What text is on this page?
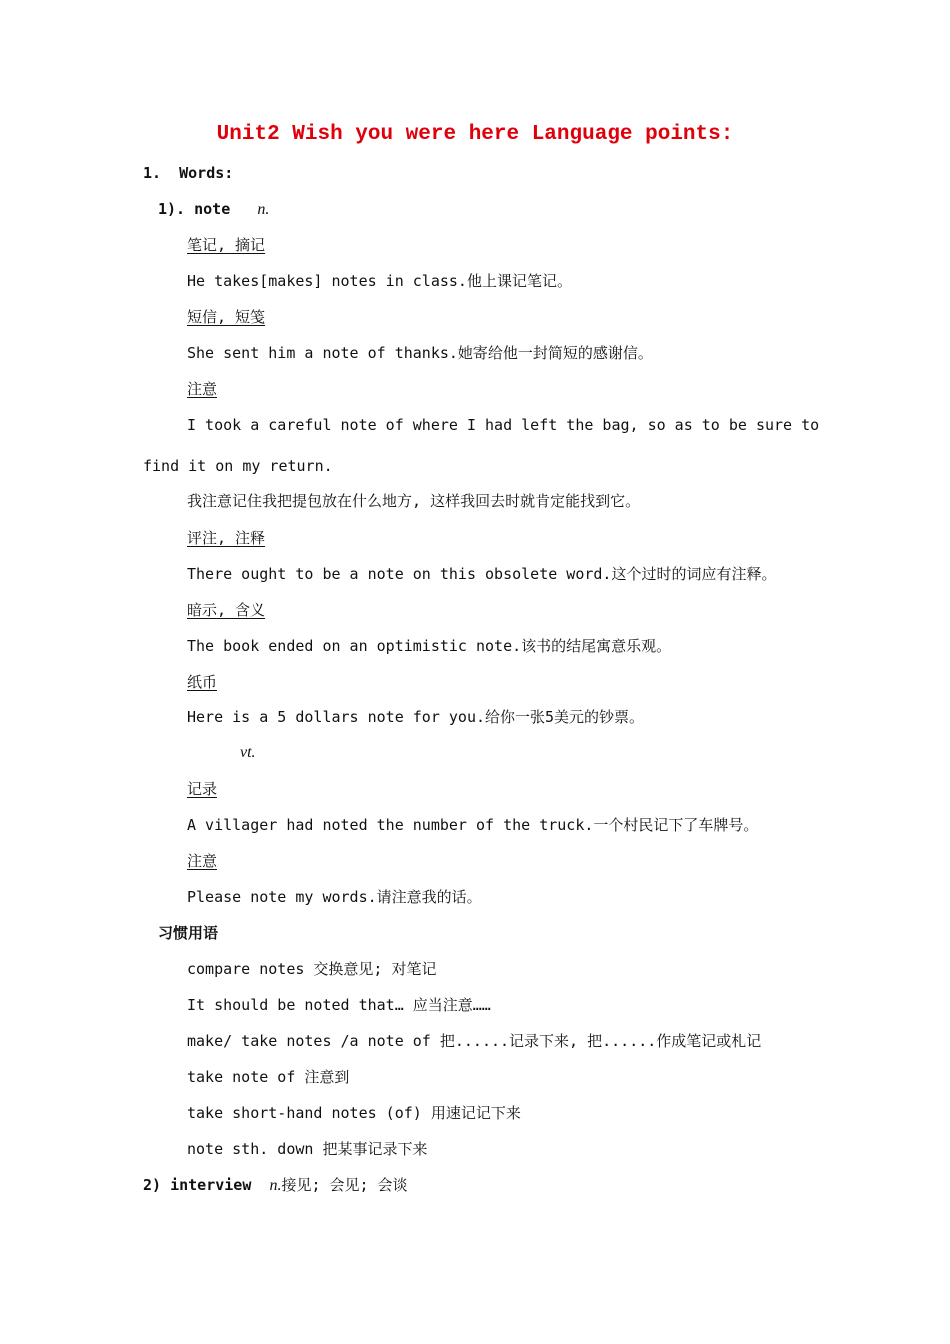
Unit2 Wish you were here Language points:
1. Words:
1). note n.
笔记, 摘记
He takes[makes] notes in class.他上课记笔记。
短信, 短笺
She sent him a note of thanks.她寄给他一封简短的感谢信。
注意
I took a careful note of where I had left the bag, so as to be sure to
find it on my return.
我注意记住我把提包放在什么地方, 这样我回去时就肯定能找到它。
评注, 注释
There ought to be a note on this obsolete word.这个过时的词应有注释。
暗示, 含义
The book ended on an optimistic note.该书的结尾寓意乐观。
纸币
Here is a 5 dollars note for you.给你一张5美元的钞票。
vt.
记录
A villager had noted the number of the truck.一个村民记下了车牌号。
注意
Please note my words.请注意我的话。
习惯用语
compare notes 交换意见; 对笔记
It should be noted that… 应当注意……
make/ take notes /a note of 把......记录下来, 把......作成笔记或札记
take note of 注意到
take short-hand notes (of) 用速记记下来
note sth. down 把某事记录下来
2) interview n.接见; 会见; 会谈
